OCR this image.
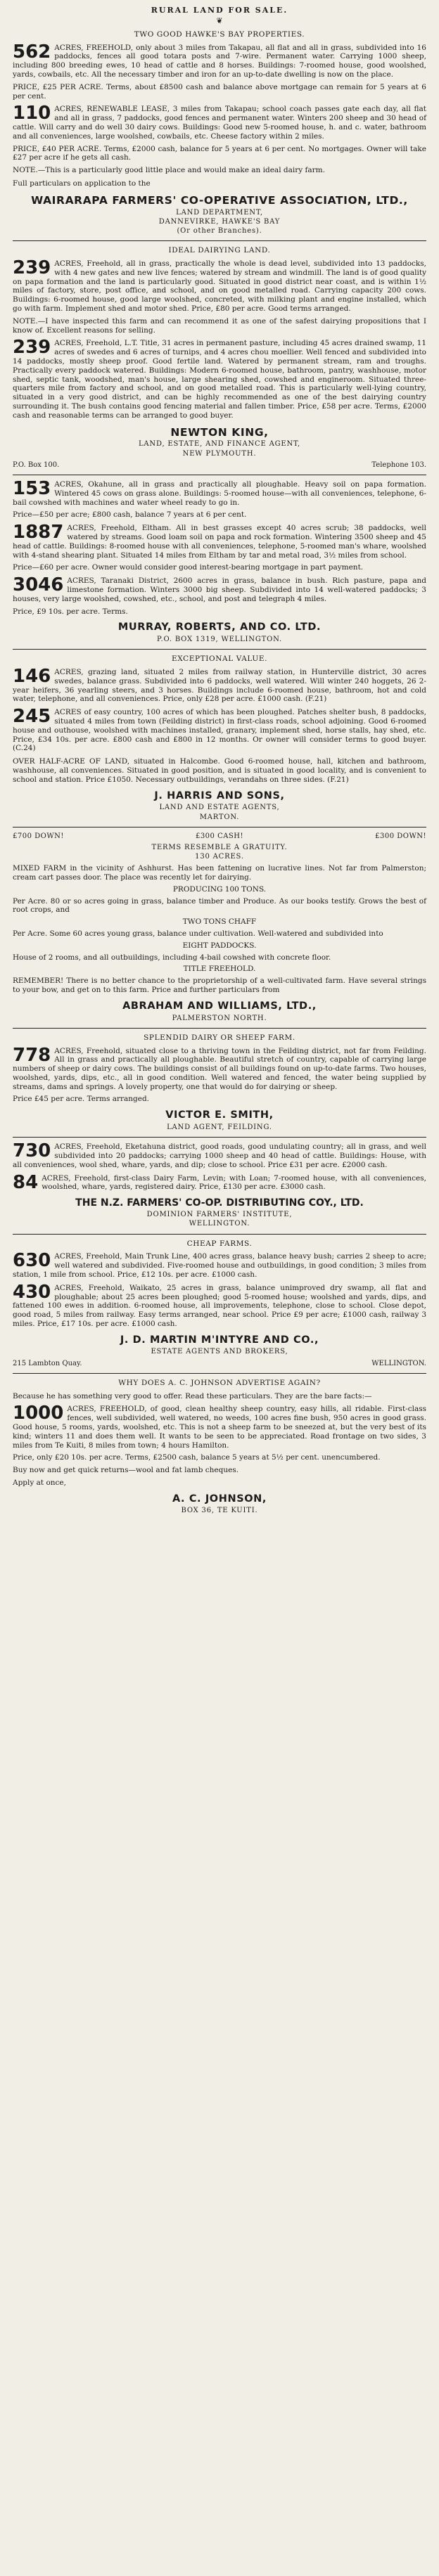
RURAL LAND FOR SALE.
❦
TWO GOOD HAWKE'S BAY PROPERTIES.

562 ACRES, FREEHOLD, only about 3 miles from Takapau, all flat and all in grass, subdivided into 16 paddocks, fences all good totara posts and 7-wire. Permanent water. Carrying 1000 sheep, including 800 breeding ewes, 10 head of cattle and 8 horses. Buildings: 7-roomed house, good woolshed, yards, cowbails, etc. All the necessary timber and iron for an up-to-date dwelling is now on the place.

PRICE, £25 PER ACRE. Terms, about £8500 cash and balance above mortgage can remain for 5 years at 6 per cent.

110 ACRES, RENEWABLE LEASE, 3 miles from Takapau; school coach passes gate each day, all flat and all in grass, 7 paddocks, good fences and permanent water. Winters 200 sheep and 30 head of cattle. Will carry and do well 30 dairy cows. Buildings: Good new 5-roomed house, h. and c. water, bathroom and all conveniences, large woolshed, cowbails, etc. Cheese factory within 2 miles.

PRICE, £40 PER ACRE. Terms, £2000 cash, balance for 5 years at 6 per cent. No mortgages. Owner will take £27 per acre if he gets all cash.

NOTE.—This is a particularly good little place and would make an ideal dairy farm.

Full particulars on application to the
WAIRARAPA FARMERS' CO-OPERATIVE ASSOCIATION, LTD.,
LAND DEPARTMENT,
DANNEVIRKE, HAWKE'S BAY
(Or other Branches).
IDEAL DAIRYING LAND.

239 ACRES, Freehold, all in grass, practically the whole is dead level, subdivided into 13 paddocks, with 4 new gates and new live fences; watered by stream and windmill. The land is of good quality on papa formation and the land is particularly good. Situated in good district near coast, and is within 1½ miles of factory, store, post office, and school, and on good metalled road. Carrying capacity 200 cows. Buildings: 6-roomed house, good large woolshed, concreted, with milking plant and engine installed, which go with farm. Implement shed and motor shed. Price, £80 per acre. Good terms arranged.

NOTE.—I have inspected this farm and can recommend it as one of the safest dairying propositions that I know of. Excellent reasons for selling.

239 ACRES, Freehold, L.T. Title, 31 acres in permanent pasture, including 45 acres drained swamp, 11 acres of swedes and 6 acres of turnips, and 4 acres chou moellier. Well fenced and subdivided into 14 paddocks, mostly sheep proof. Good fertile land. Watered by permanent stream, ram and troughs. Practically every paddock watered. Buildings: Modern 6-roomed house, bathroom, pantry, washhouse, motor shed, septic tank, woodshed, man's house, large shearing shed, cowshed and engineroom. Situated three-quarters mile from factory and school, and on good metalled road. This is particularly well-lying country, situated in a very good district, and can be highly recommended as one of the best dairying country surrounding it. The bush contains good fencing material and fallen timber. Price, £58 per acre. Terms, £2000 cash and reasonable terms can be arranged to good buyer.

NEWTON KING,
LAND, ESTATE, AND FINANCE AGENT,
NEW PLYMOUTH.
P.O. Box 100.	Telephone 103.

153 ACRES, Okahune, all in grass and practically all ploughable. Heavy soil on papa formation. Wintered 45 cows on grass alone. Buildings: 5-roomed house—with all conveniences, telephone, 6-bail cowshed with machines and water wheel ready to go in.

Price—£50 per acre; £800 cash, balance 7 years at 6 per cent.

1887 ACRES, Freehold, Eltham. All in best grasses except 40 acres scrub; 38 paddocks, well watered by streams. Good loam soil on papa and rock formation. Wintering 3500 sheep and 45 head of cattle. Buildings: 8-roomed house with all conveniences, telephone, 5-roomed man's whare, woolshed with 4-stand shearing plant. Situated 14 miles from Eltham by tar and metal road, 3½ miles from school.

Price—£60 per acre. Owner would consider good interest-bearing mortgage in part payment.

3046 ACRES, Taranaki District, 2600 acres in grass, balance in bush. Rich pasture, papa and limestone formation. Winters 3000 big sheep. Subdivided into 14 well-watered paddocks; 3 houses, very large woolshed, cowshed, etc., school, and post and telegraph 4 miles.

Price, £9 10s. per acre. Terms.

MURRAY, ROBERTS, AND CO. LTD.
P.O. BOX 1319, WELLINGTON.
EXCEPTIONAL VALUE.

146 ACRES, grazing land, situated 2 miles from railway station, in Hunterville district, 30 acres swedes, balance grass. Subdivided into 6 paddocks, well watered. Will winter 240 hoggets, 26 2-year heifers, 36 yearling steers, and 3 horses. Buildings include 6-roomed house, bathroom, hot and cold water, telephone, and all conveniences. Price, only £28 per acre. £1000 cash. (F.21)

245 ACRES of easy country, 100 acres of which has been ploughed. Patches shelter bush, 8 paddocks, situated 4 miles from town (Feilding district) in first-class roads, school adjoining. Good 6-roomed house and outhouse, woolshed with machines installed, granary, implement shed, horse stalls, hay shed, etc. Price, £34 10s. per acre. £800 cash and £800 in 12 months. Or owner will consider terms to good buyer. (C.24)

OVER HALF-ACRE OF LAND, situated in Halcombe. Good 6-roomed house, hall, kitchen and bathroom, washhouse, all conveniences. Situated in good position, and is situated in good locality, and is convenient to school and station. Price £1050. Necessary outbuildings, verandahs on three sides. (F.21)

J. HARRIS AND SONS,
LAND AND ESTATE AGENTS,
MARTON.
£700 DOWN!	£300 CASH!	£300 DOWN!
TERMS RESEMBLE A GRATUITY.
130 ACRES.

MIXED FARM in the vicinity of Ashhurst. Has been fattening on lucrative lines. Not far from Palmerston; cream cart passes door. The place was recently let for dairying.

PRODUCING 100 TONS.

Per Acre. 80 or so acres going in grass, balance timber and Produce. As our books testify. Grows the best of root crops, and

TWO TONS CHAFF

Per Acre. Some 60 acres young grass, balance under cultivation. Well-watered and subdivided into

EIGHT PADDOCKS.

House of 2 rooms, and all outbuildings, including 4-bail cowshed with concrete floor.

TITLE FREEHOLD.

REMEMBER! There is no better chance to the proprietorship of a well-cultivated farm. Have several strings to your bow, and get on to this farm. Price and further particulars from

ABRAHAM AND WILLIAMS, LTD.,
PALMERSTON NORTH.
SPLENDID DAIRY OR SHEEP FARM.

778 ACRES, Freehold, situated close to a thriving town in the Feilding district, not far from Feilding. All in grass and practically all ploughable. Beautiful stretch of country, capable of carrying large numbers of sheep or dairy cows. The buildings consist of all buildings found on up-to-date farms. Two houses, woolshed, yards, dips, etc., all in good condition. Well watered and fenced, the water being supplied by streams, dams and springs. A lovely property, one that would do for dairying or sheep.

Price £45 per acre. Terms arranged.

VICTOR E. SMITH,
LAND AGENT, FEILDING.

730 ACRES, Freehold, Eketahuna district, good roads, good undulating country; all in grass, and well subdivided into 20 paddocks; carrying 1000 sheep and 40 head of cattle. Buildings: House, with all conveniences, wool shed, whare, yards, and dip; close to school. Price £31 per acre. £2000 cash.

84 ACRES, Freehold, first-class Dairy Farm, Levin; with Loan; 7-roomed house, with all conveniences, woolshed, whare, yards, registered dairy. Price, £130 per acre. £3000 cash.

THE N.Z. FARMERS' CO-OP. DISTRIBUTING COY., LTD.
DOMINION FARMERS' INSTITUTE,
WELLINGTON.
CHEAP FARMS.

630 ACRES, Freehold, Main Trunk Line, 400 acres grass, balance heavy bush; carries 2 sheep to acre; well watered and subdivided. Five-roomed house and outbuildings, in good condition; 3 miles from station, 1 mile from school. Price, £12 10s. per acre. £1000 cash.

430 ACRES, Freehold, Waikato, 25 acres in grass, balance unimproved dry swamp, all flat and ploughable; about 25 acres been ploughed; good 5-roomed house; woolshed and yards, dips, and fattened 100 ewes in addition. 6-roomed house, all improvements, telephone, close to school. Close depot, good road, 5 miles from railway. Easy terms arranged, near school. Price £9 per acre; £1000 cash, railway 3 miles. Price, £17 10s. per acre. £1000 cash.

J. D. MARTIN M'INTYRE AND CO.,
ESTATE AGENTS AND BROKERS,
215 Lambton Quay.	WELLINGTON.
WHY DOES A. C. JOHNSON ADVERTISE AGAIN?
Because he has something very good to offer. Read these particulars. They are the bare facts:—

1000 ACRES, FREEHOLD, of good, clean healthy sheep country, easy hills, all ridable. First-class fences, well subdivided, well watered, no weeds, 100 acres fine bush, 950 acres in good grass. Good house, 5 rooms, yards, woolshed, etc. This is not a sheep farm to be sneezed at, but the very best of its kind; winters 11 and does them well. It wants to be seen to be appreciated. Road frontage on two sides, 3 miles from Te Kuiti, 8 miles from town; 4 hours Hamilton.

Price, only £20 10s. per acre. Terms, £2500 cash, balance 5 years at 5½ per cent. unencumbered.

Buy now and get quick returns—wool and fat lamb cheques.

Apply at once,

A. C. JOHNSON,
BOX 36, TE KUITI.
